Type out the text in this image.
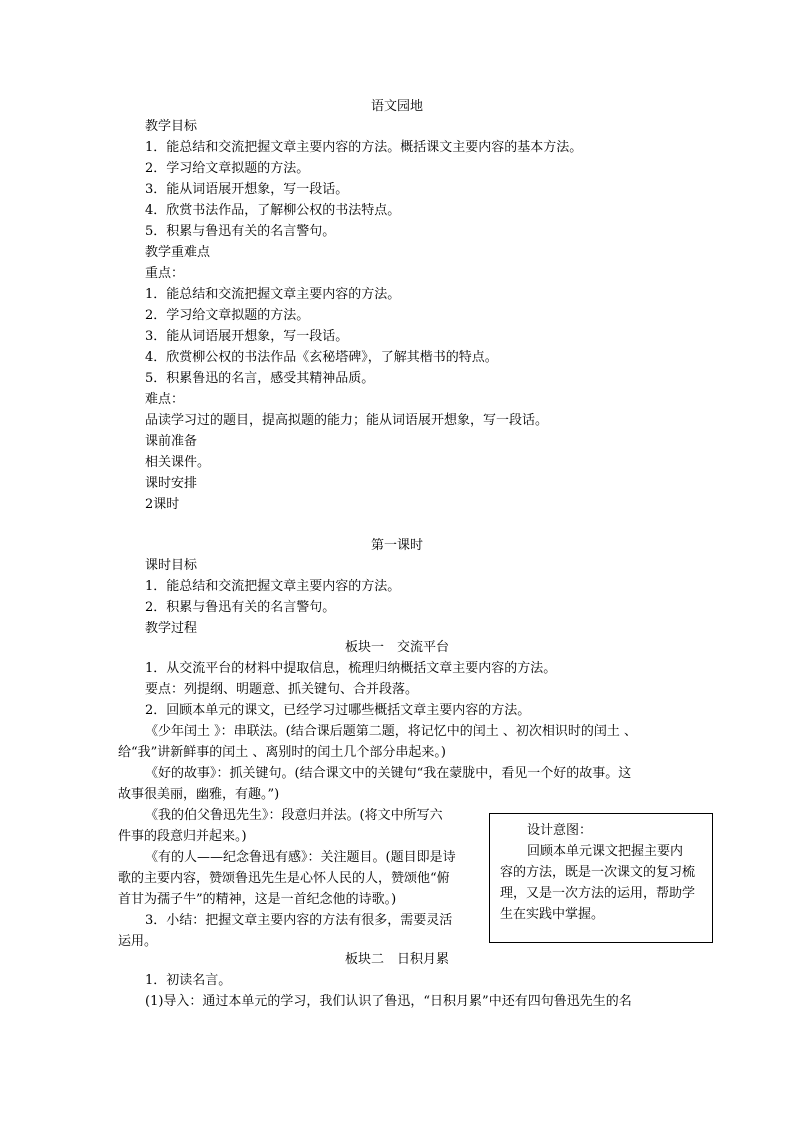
语文园地
教学目标
1．能总结和交流把握文章主要内容的方法。概括课文主要内容的基本方法。
2．学习给文章拟题的方法。
3．能从词语展开想象，写一段话。
4．欣赏书法作品，了解柳公权的书法特点。
5．积累与鲁迅有关的名言警句。
教学重难点
重点：
1．能总结和交流把握文章主要内容的方法。
2．学习给文章拟题的方法。
3．能从词语展开想象，写一段话。
4．欣赏柳公权的书法作品《玄秘塔碑》，了解其楷书的特点。
5．积累鲁迅的名言，感受其精神品质。
难点：
品读学习过的题目，提高拟题的能力；能从词语展开想象，写一段话。
课前准备
相关课件。
课时安排
2课时
第一课时
课时目标
1．能总结和交流把握文章主要内容的方法。
2．积累与鲁迅有关的名言警句。
教学过程
板块一　交流平台
1．从交流平台的材料中提取信息，梳理归纳概括文章主要内容的方法。
要点：列提纲、明题意、抓关键句、合并段落。
2．回顾本单元的课文，已经学习过哪些概括文章主要内容的方法。
《少年闰土 》：串联法。(结合课后题第二题，将记忆中的闰土 、初次相识时的闰土 、
给“我”讲新鲜事的闰土 、离别时的闰土几个部分串起来。)
《好的故事》：抓关键句。(结合课文中的关键句“我在蒙胧中，看见一个好的故事。这
故事很美丽，幽雅，有趣。”)
《我的伯父鲁迅先生》：段意归并法。(将文中所写六
件事的段意归并起来。)
《有的人——纪念鲁迅有感》：关注题目。(题目即是诗
歌的主要内容，赞颂鲁迅先生是心怀人民的人，赞颂他“俯
首甘为孺子牛”的精神，这是一首纪念他的诗歌。)
3．小结：把握文章主要内容的方法有很多，需要灵活
运用。
板块二　日积月累
1．初读名言。
(1)导入：通过本单元的学习，我们认识了鲁迅，“日积月累”中还有四句鲁迅先生的名
设计意图：
回顾本单元课文把握主要内
容的方法，既是一次课文的复习梳
理，又是一次方法的运用，帮助学
生在实践中掌握。
